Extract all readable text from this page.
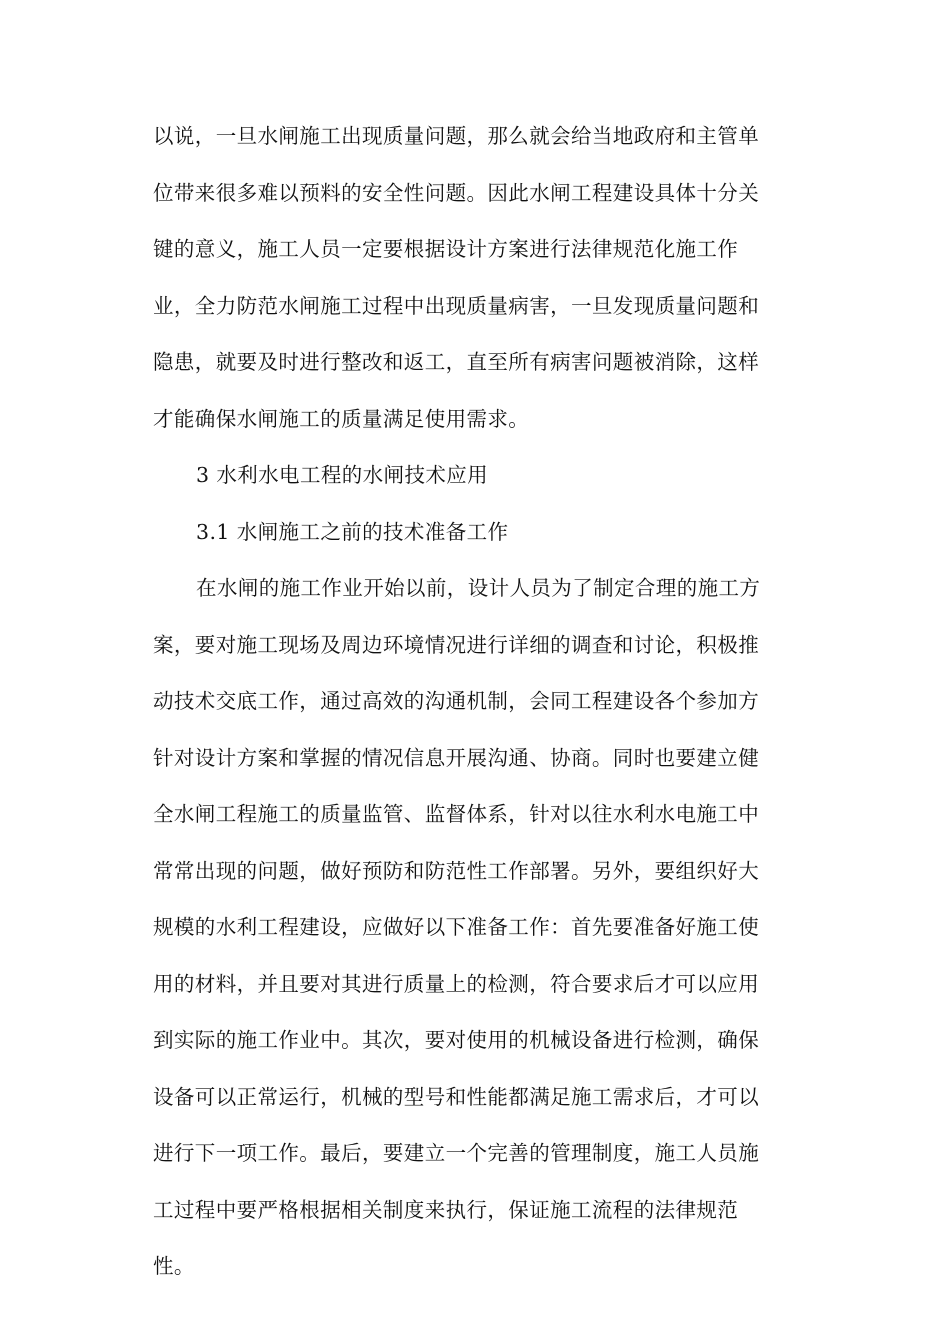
以说，一旦水闸施工出现质量问题，那么就会给当地政府和主管单
位带来很多难以预料的安全性问题。因此水闸工程建设具体十分关
键的意义，施工人员一定要根据设计方案进行法律规范化施工作
业，全力防范水闸施工过程中出现质量病害，一旦发现质量问题和
隐患，就要及时进行整改和返工，直至所有病害问题被消除，这样
才能确保水闸施工的质量满足使用需求。
3 水利水电工程的水闸技术应用
3.1 水闸施工之前的技术准备工作
在水闸的施工作业开始以前，设计人员为了制定合理的施工方
案，要对施工现场及周边环境情况进行详细的调查和讨论，积极推
动技术交底工作，通过高效的沟通机制，会同工程建设各个参加方
针对设计方案和掌握的情况信息开展沟通、协商。同时也要建立健
全水闸工程施工的质量监管、监督体系，针对以往水利水电施工中
常常出现的问题，做好预防和防范性工作部署。另外，要组织好大
规模的水利工程建设，应做好以下准备工作：首先要准备好施工使
用的材料，并且要对其进行质量上的检测，符合要求后才可以应用
到实际的施工作业中。其次，要对使用的机械设备进行检测，确保
设备可以正常运行，机械的型号和性能都满足施工需求后，才可以
进行下一项工作。最后，要建立一个完善的管理制度，施工人员施
工过程中要严格根据相关制度来执行，保证施工流程的法律规范
性。
